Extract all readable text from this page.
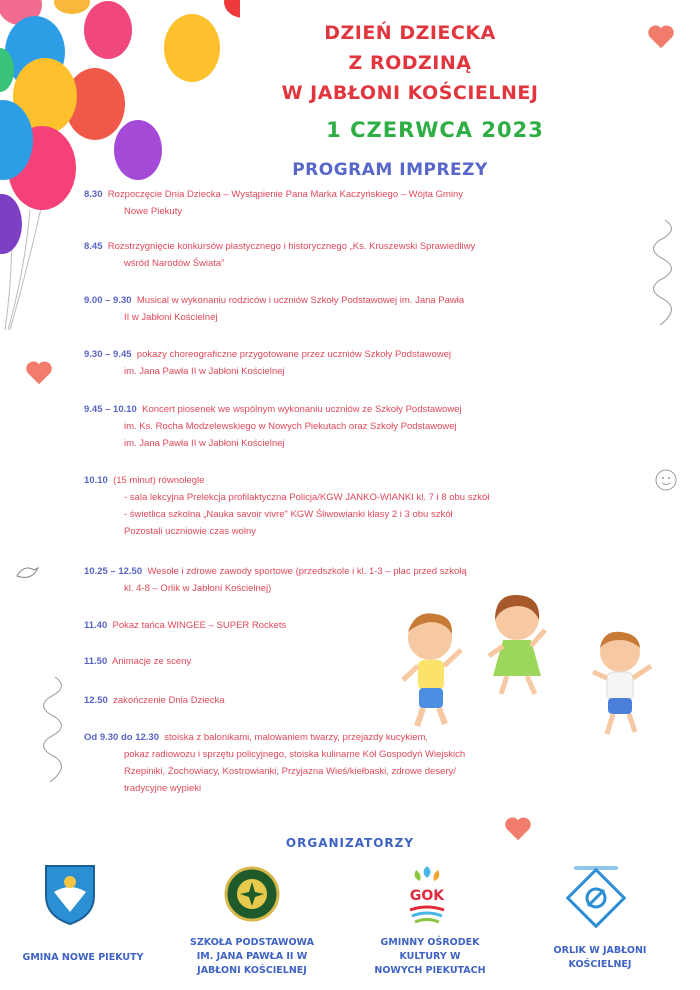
DZIEŃ DZIECKA
Z RODZINĄ
W JABŁONI KOŚCIELNEJ
1 CZERWCA 2023
PROGRAM IMPREZY
8.30 Rozpoczęcie Dnia Dziecka – Wystąpienie Pana Marka Kaczyńskiego – Wójta Gminy
Nowe Piekuty
8.45 Rozstrzygnięcie konkursów plastycznego i historycznego „Ks. Kruszewski Sprawiedliwy
wśród Narodów Świata"
9.00 – 9.30 Musical w wykonaniu rodziców i uczniów Szkoły Podstawowej im. Jana Pawła
II w Jabłoni Kościelnej
9.30 – 9.45 pokazy choreograficzne przygotowane przez uczniów Szkoły Podstawowej
im. Jana Pawła II w Jabłoni Kościelnej
9.45 – 10.10 Koncert piosenek we wspólnym wykonaniu uczniów ze Szkoły Podstawowej
im. Ks. Rocha Modzelewskiego w Nowych Piekutach oraz Szkoły Podstawowej
im. Jana Pawła II w Jabłoni Kościelnej
10.10 (15 minut) równolegle
- sala lekcyjna Prelekcja profilaktyczna Policja/KGW JANKO-WIANKI kl. 7 i 8 obu szkół
- świetlica szkolna „Nauka savoir vivre" KGW Śliwowianki klasy 2 i 3 obu szkół
Pozostali uczniowie czas wolny
10.25 – 12.50 Wesołe i zdrowe zawody sportowe (przedszkole i kl. 1-3 – plac przed szkołą
kl. 4-8 – Orlik w Jabłoni Kościelnej)
11.40 Pokaz tańca WINGEE – SUPER Rockets
11.50 Animacje ze sceny
12.50 zakończenie Dnia Dziecka
Od 9.30 do 12.30 stoiska z balonikami, malowaniem twarzy, przejazdy kucykiem,
pokaz radiowozu i sprzętu policyjnego, stoiska kulinarne Kół Gospodyń Wiejskich
Rzepiniki, Żochowiacy, Kostrowianki, Przyjazna Wieś/kiełbaski, zdrowe desery/
tradycyjne wypieki
ORGANIZATORZY
GOK
GMINA NOWE PIEKUTY
SZKOŁA PODSTAWOWA
IM. JANA PAWŁA II W
JABŁONI KOŚCIELNEJ
GMINNY OŚRODEK
KULTURY W
NOWYCH PIEKUTACH
ORLIK W JABŁONI
KOŚCIELNEJ
